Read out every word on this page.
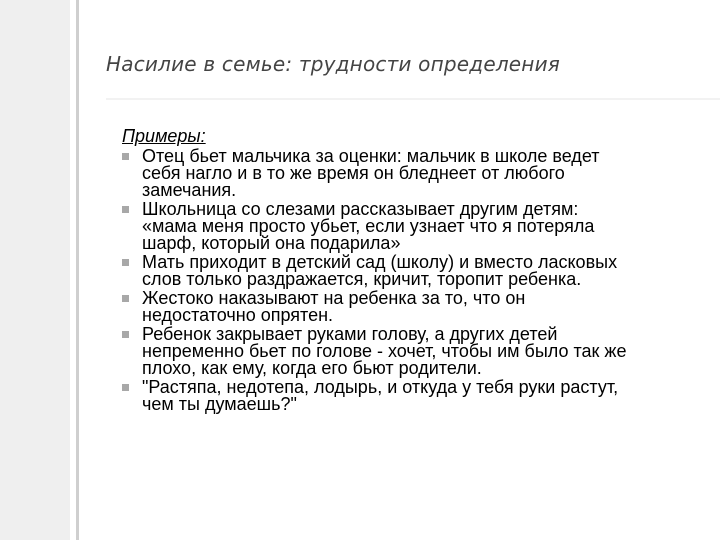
Насилие в семье: трудности определения
Примеры:
Отец бьет мальчика за оценки: мальчик в школе ведет себя нагло и в то же время он бледнеет от любого замечания.
Школьница со слезами рассказывает другим детям: «мама меня просто убьет, если узнает что я потеряла шарф, который она подарила»
Мать приходит в детский сад (школу) и вместо ласковых слов только раздражается, кричит, торопит ребенка.
Жестоко наказывают на ребенка за то, что он недостаточно опрятен.
Ребенок закрывает руками голову, а других детей непременно бьет по голове - хочет, чтобы им было так же плохо, как ему, когда его бьют родители.
"Растяпа, недотепа, лодырь, и откуда у тебя руки растут, чем ты думаешь?"
